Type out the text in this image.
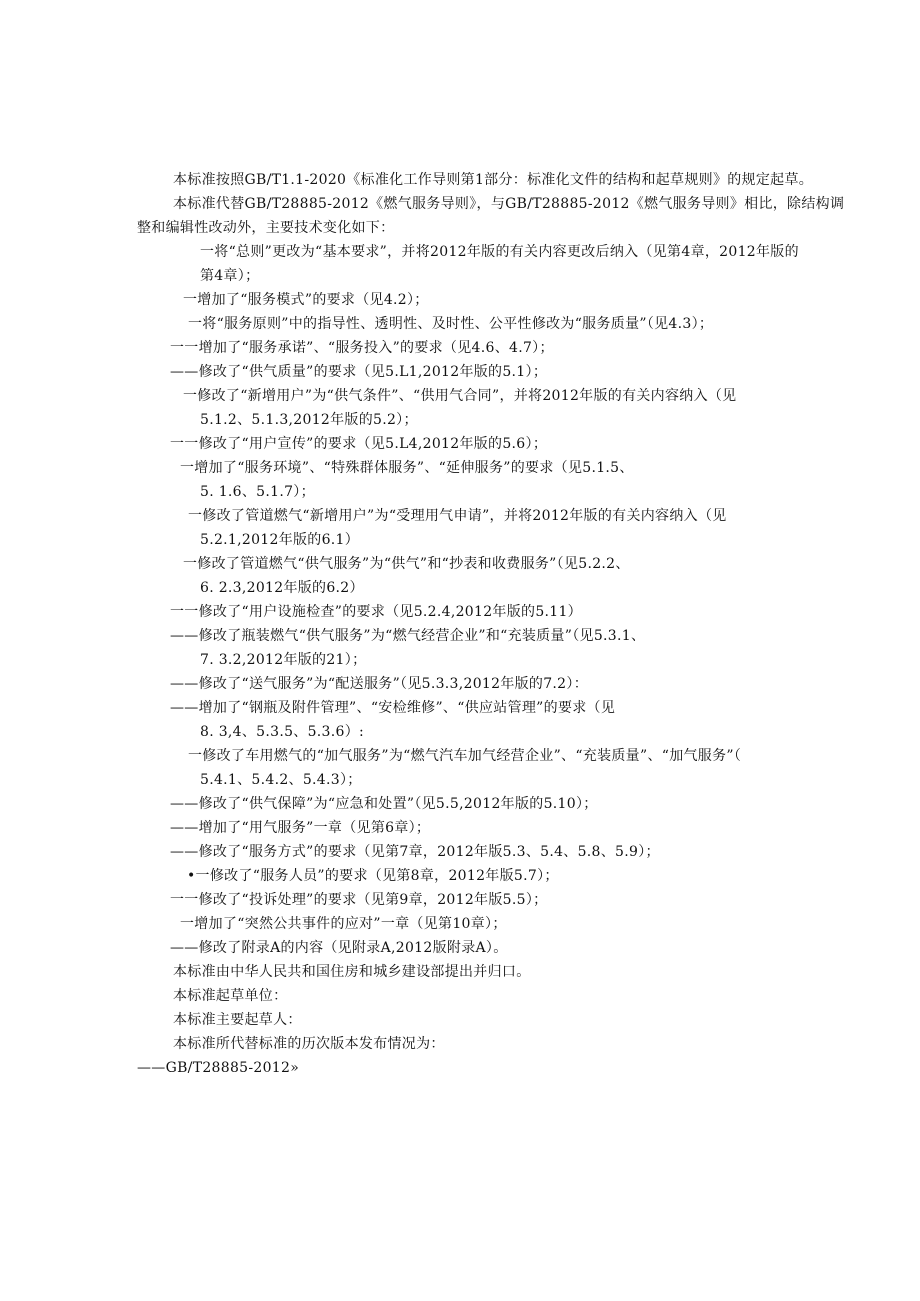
本标准按照GB/T1.1-2020《标准化工作导则第1部分：标准化文件的结构和起草规则》的规定起草。
本标准代替GB/T28885-2012《燃气服务导则》，与GB/T28885-2012《燃气服务导则》相比，除结构调
整和编辑性改动外，主要技术变化如下：
一将“总则”更改为“基本要求”，并将2012年版的有关内容更改后纳入（见第4章，2012年版的
第4章）；
一增加了“服务模式”的要求（见4.2）；
一将“服务原则”中的指导性、透明性、及时性、公平性修改为“服务质量”（见4.3）；
一一增加了“服务承诺”、“服务投入”的要求（见4.6、4.7）；
——修改了“供气质量”的要求（见5.L1,2012年版的5.1）；
一修改了“新增用户”为“供气条件”、“供用气合同”，并将2012年版的有关内容纳入（见
5.1.2、5.1.3,2012年版的5.2）；
一一修改了“用户宣传”的要求（见5.L4,2012年版的5.6）；
一增加了“服务环境”、“特殊群体服务”、“延伸服务”的要求（见5.1.5、
5. 1.6、5.1.7）；
一修改了管道燃气“新增用户”为“受理用气申请”，并将2012年版的有关内容纳入（见
5.2.1,2012年版的6.1）
一修改了管道燃气“供气服务”为“供气”和“抄表和收费服务”（见5.2.2、
6. 2.3,2012年版的6.2）
一一修改了“用户设施检查”的要求（见5.2.4,2012年版的5.11）
——修改了瓶装燃气“供气服务”为“燃气经营企业”和“充装质量”（见5.3.1、
7. 3.2,2012年版的21）；
——修改了“送气服务”为“配送服务”（见5.3.3,2012年版的7.2）：
——增加了“钢瓶及附件管理”、“安检维修”、“供应站管理”的要求（见
8. 3,4、5.3.5、5.3.6）:
一修改了车用燃气的“加气服务”为“燃气汽车加气经营企业”、“充装质量”、“加气服务”（
5.4.1、5.4.2、5.4.3）；
——修改了“供气保障”为“应急和处置”（见5.5,2012年版的5.10）；
——增加了“用气服务”一章（见第6章）；
——修改了“服务方式”的要求（见第7章，2012年版5.3、5.4、5.8、5.9）；
•一修改了“服务人员”的要求（见第8章，2012年版5.7）；
一一修改了“投诉处理”的要求（见第9章，2012年版5.5）；
一增加了“突然公共事件的应对”一章（见第10章）；
——修改了附录A的内容（见附录A,2012版附录A）。
本标准由中华人民共和国住房和城乡建设部提出并归口。
本标准起草单位：
本标准主要起草人：
本标准所代替标准的历次版本发布情况为：
——GB/T28885-2012»
